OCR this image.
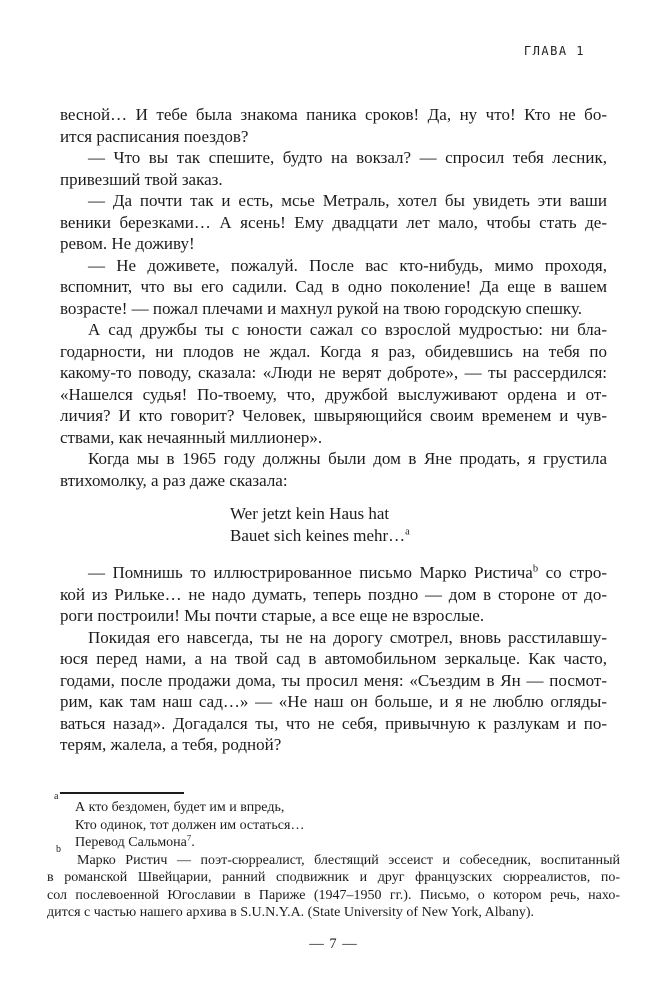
ГЛАВА 1
весной… И тебе была знакома паника сроков! Да, ну что! Кто не бо-
ится расписания поездов?
— Что вы так спешите, будто на вокзал? — спросил тебя лесник,
привезший твой заказ.
— Да почти так и есть, мсье Метраль, хотел бы увидеть эти ваши
веники березками… А ясень! Ему двадцати лет мало, чтобы стать де-
ревом. Не доживу!
— Не доживете, пожалуй. После вас кто-нибудь, мимо проходя,
вспомнит, что вы его садили. Сад в одно поколение! Да еще в вашем
возрасте! — пожал плечами и махнул рукой на твою городскую спешку.
А сад дружбы ты с юности сажал со взрослой мудростью: ни бла-
годарности, ни плодов не ждал. Когда я раз, обидевшись на тебя по
какому-то поводу, сказала: «Люди не верят доброте», — ты рассердился:
«Нашелся судья! По-твоему, что, дружбой выслуживают ордена и от-
личия? И кто говорит? Человек, швыряющийся своим временем и чув-
ствами, как нечаянный миллионер».
Когда мы в 1965 году должны были дом в Яне продать, я грустила
втихомолку, а раз даже сказала:
Wer jetzt kein Haus hat
Bauet sich keines mehr…$^a$
— Помнишь то иллюстрированное письмо Марко Ристича$^b$ со стро-
кой из Рильке… не надо думать, теперь поздно — дом в стороне от до-
роги построили! Мы почти старые, а все еще не взрослые.
Покидая его навсегда, ты не на дорогу смотрел, вновь расстилавшу-
юся перед нами, а на твой сад в автомобильном зеркальце. Как часто,
годами, после продажи дома, ты просил меня: «Съездим в Ян — посмот-
рим, как там наш сад…» — «Не наш он больше, и я не люблю огляды-
ваться назад». Догадался ты, что не себя, привычную к разлукам и по-
терям, жалела, а тебя, родной?
a
А кто бездомен, будет им и впредь,
Кто одинок, тот должен им остаться…
Перевод Сальмона$^7$.
b
Марко Ристич — поэт-сюрреалист, блестящий эссеист и собеседник, воспитанный
в романской Швейцарии, ранний сподвижник и друг французских сюрреалистов, по-
сол послевоенной Югославии в Париже (1947–1950 гг.). Письмо, о котором речь, нахо-
дится с частью нашего архива в S.U.N.Y.A. (State University of New York, Albany).
— 7 —
